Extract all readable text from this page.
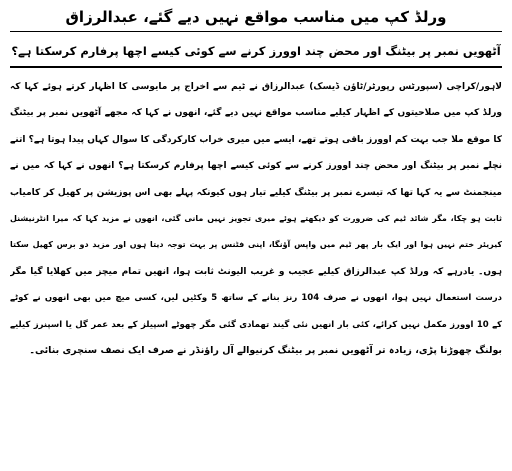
ورلڈ کپ میں مناسب مواقع نہیں دیے گئے، عبدالرزاق
آٹھویں نمبر پر بیٹنگ اور محض چند اوورز کرنے سے کوئی کیسے اچھا پرفارم کرسکتا ہے؟
لاہور/کراچی (سپورٹس رپورٹر/ٹاؤن ڈیسک) عبدالرزاق نے ٹیم سے اخراج پر مایوسی کا اظہار کرتے ہوئے کہا کہ
ورلڈ کپ میں صلاحیتوں کے اظہار کیلیے مناسب مواقع نہیں دیے گئے، انھوں نے کہا کہ مجھے آٹھویں نمبر پر بیٹنگ
کا موقع ملا جب بہت کم اوورز باقی ہوتے تھے، ایسے میں میری خراب کارکردگی کا سوال کہاں پیدا ہوتا ہے؟ اتنے
نچلے نمبر پر بیٹنگ اور محض چند اوورز کرنے سے کوئی کیسے اچھا پرفارم کرسکتا ہے؟ انھوں نے کہا کہ میں نے
مینجمنٹ سے یہ کہا تھا کہ تیسرے نمبر پر بیٹنگ کیلیے تیار ہوں کیونکہ پہلے بھی اس پوزیشن پر کھیل کر کامیاب
ثابت ہو چکا، مگر شائد ٹیم کی ضرورت کو دیکھتے ہوئے میری تجویز نہیں مانی گئی، انھوں نے مزید کہا کہ میرا انٹرنیشنل
کیریئر ختم نہیں ہوا اور ایک بار پھر ٹیم میں واپس آؤنگا، اپنی فٹنس پر بہت توجہ دیتا ہوں اور مزید دو برس کھیل سکتا
ہوں۔ یادرہے کہ ورلڈ کپ عبدالرزاق کیلیے عجیب و غریب الیونٹ ثابت ہوا، انھیں تمام میچز میں کھلایا گیا مگر
درست استعمال نہیں ہوا، انھوں نے صرف 104 رنز بنانے کے ساتھ 5 وکٹیں لیں، کسی میچ میں بھی انھوں نے کوٹے
کے 10 اوورز مکمل نہیں کرائے، کئی بار انھیں نئی گیند تھمادی گئی مگر چھوٹے اسپیلز کے بعد عمر گل یا اسپنرز کیلیے
بولنگ چھوڑنا پڑی، زیادہ تر آٹھویں نمبر پر بیٹنگ کرنیوالے آل راؤنڈر نے صرف ایک نصف سنچری بنائی۔
